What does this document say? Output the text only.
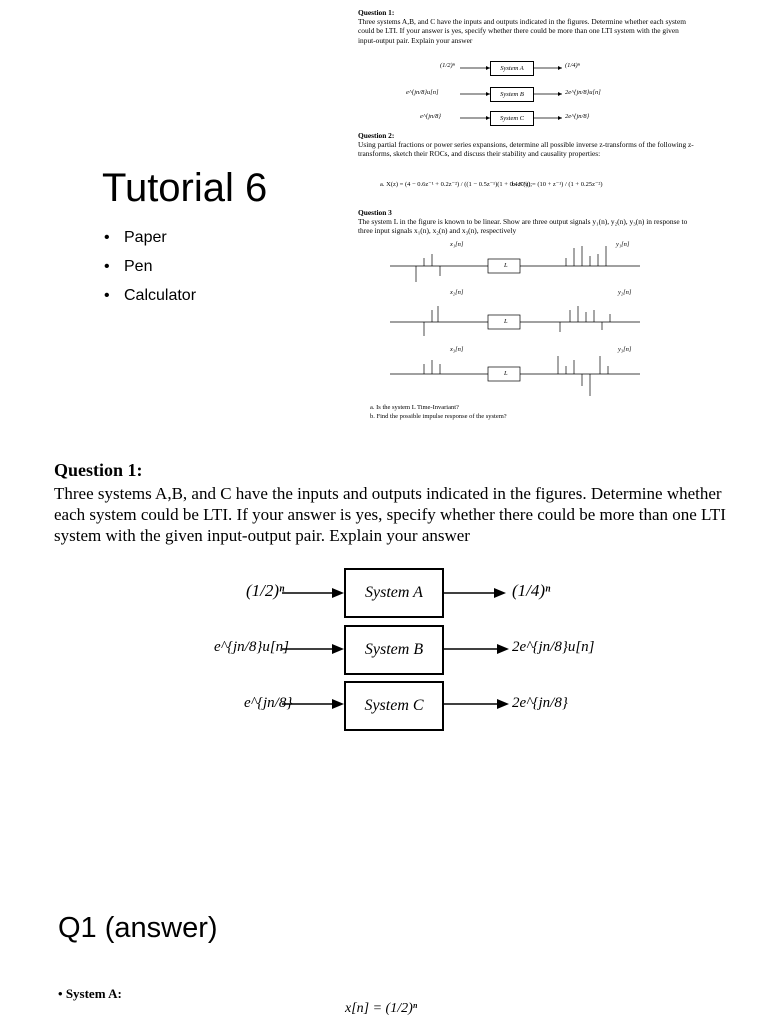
Tutorial 6
• Paper
• Pen
• Calculator
Question 1:

Three systems A,B, and C have the inputs and outputs indicated in the figures. Determine whether each system could be LTI. If your answer is yes, specify whether there could be more than one LTI system with the given input-output pair. Explain your answer

System A
System B
System C
(1/2)ⁿ	(1/4)ⁿ
e^{jn/8}u[n]	2e^{jn/8}u[n]
e^{jn/8}	2e^{jn/8}
Question 2:

Using partial fractions or power series expansions, determine all possible inverse z-transforms of the following z-transforms, sketch their ROCs, and discuss their stability and causality properties:

a. X(z) = (4 − 0.6z⁻¹ + 0.2z⁻²) / ((1 − 0.5z⁻¹)(1 + 0.4z⁻¹));
b. X(z) = (10 + z⁻¹) / (1 + 0.25z⁻²)
Question 3

The system L in the figure is known to be linear. Show are three output signals y₁(n), y₂(n), y₃(n) in response to three input signals x₁(n), x₂(n) and x₃(n), respectively

L
L
L
x₁[n]	y₁[n]
x₂[n]	y₂[n]
x₃[n]	y₃[n]
a. Is the system L Time-Invariant?
b. Find the possible impulse response of the system?
Question 1:

Three systems A,B, and C have the inputs and outputs indicated in the figures. Determine whether each system could be LTI. If your answer is yes, specify whether there could be more than one LTI system with the given input-output pair. Explain your answer

System A
System B
System C
(1/2)ⁿ	(1/4)ⁿ
e^{jn/8}u[n]	2e^{jn/8}u[n]
e^{jn/8}	2e^{jn/8}
Q1 (answer)
• System A:
x[n] = (1/2)ⁿ
